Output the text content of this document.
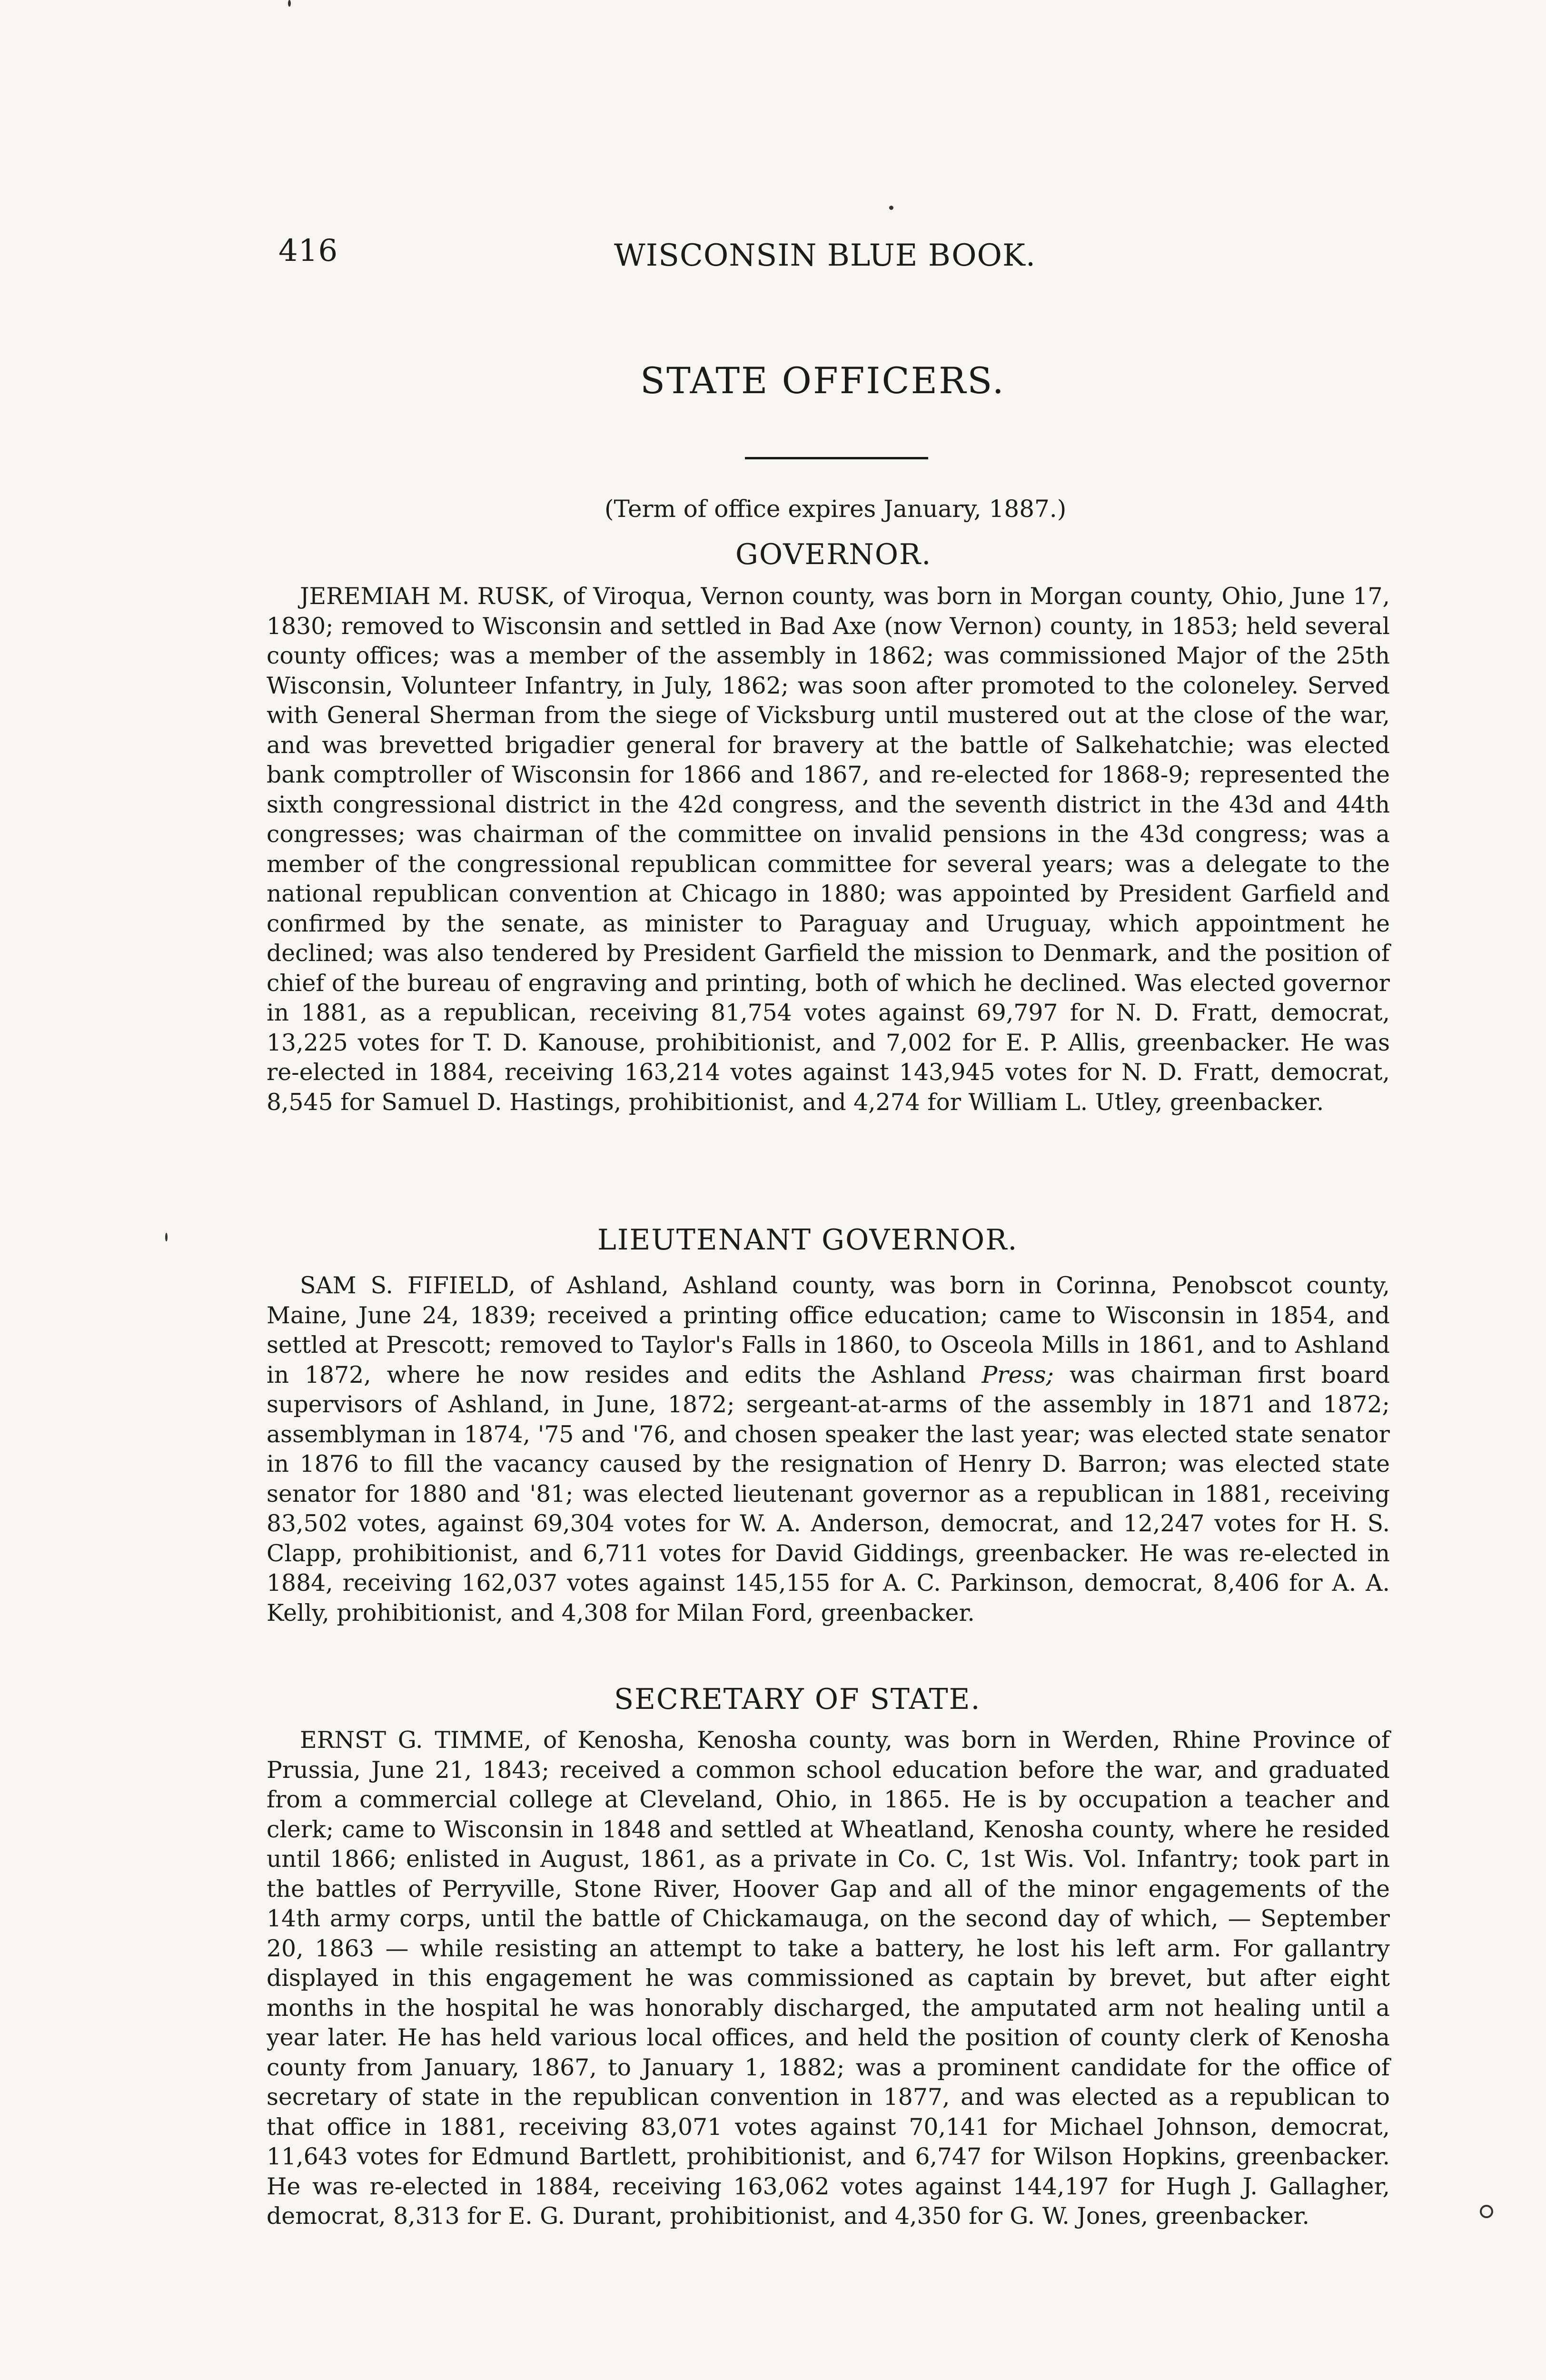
416	WISCONSIN BLUE BOOK.
STATE OFFICERS.
(Term of office expires January, 1887.)
GOVERNOR.

JEREMIAH M. RUSK, of Viroqua, Vernon county, was born in Morgan county, Ohio, June 17, 1830; removed to Wisconsin and settled in Bad Axe (now Vernon) county, in 1853; held several county offices; was a member of the assembly in 1862; was commissioned Major of the 25th Wisconsin, Volunteer Infantry, in July, 1862; was soon after promoted to the coloneley. Served with General Sherman from the siege of Vicksburg until mustered out at the close of the war, and was brevetted brigadier general for bravery at the battle of Salkehatchie; was elected bank comptroller of Wisconsin for 1866 and 1867, and re-elected for 1868-9; represented the sixth congressional district in the 42d congress, and the seventh district in the 43d and 44th congresses; was chairman of the committee on invalid pensions in the 43d congress; was a member of the congressional republican committee for several years; was a delegate to the national republican convention at Chicago in 1880; was appointed by President Garfield and confirmed by the senate, as minister to Paraguay and Uruguay, which appointment he declined; was also tendered by President Garfield the mission to Denmark, and the position of chief of the bureau of engraving and printing, both of which he declined. Was elected governor in 1881, as a republican, receiving 81,754 votes against 69,797 for N. D. Fratt, democrat, 13,225 votes for T. D. Kanouse, prohibitionist, and 7,002 for E. P. Allis, greenbacker. He was re-elected in 1884, receiving 163,214 votes against 143,945 votes for N. D. Fratt, democrat, 8,545 for Samuel D. Hastings, prohibitionist, and 4,274 for William L. Utley, greenbacker.

LIEUTENANT GOVERNOR.

SAM S. FIFIELD, of Ashland, Ashland county, was born in Corinna, Penobscot county, Maine, June 24, 1839; received a printing office education; came to Wisconsin in 1854, and settled at Prescott; removed to Taylor's Falls in 1860, to Osceola Mills in 1861, and to Ashland in 1872, where he now resides and edits the Ashland Press; was chairman first board supervisors of Ashland, in June, 1872; sergeant-at-arms of the assembly in 1871 and 1872; assemblyman in 1874, '75 and '76, and chosen speaker the last year; was elected state senator in 1876 to fill the vacancy caused by the resignation of Henry D. Barron; was elected state senator for 1880 and '81; was elected lieutenant governor as a republican in 1881, receiving 83,502 votes, against 69,304 votes for W. A. Anderson, democrat, and 12,247 votes for H. S. Clapp, prohibitionist, and 6,711 votes for David Giddings, greenbacker. He was re-elected in 1884, receiving 162,037 votes against 145,155 for A. C. Parkinson, democrat, 8,406 for A. A. Kelly, prohibitionist, and 4,308 for Milan Ford, greenbacker.

SECRETARY OF STATE.

ERNST G. TIMME, of Kenosha, Kenosha county, was born in Werden, Rhine Province of Prussia, June 21, 1843; received a common school education before the war, and graduated from a commercial college at Cleveland, Ohio, in 1865. He is by occupation a teacher and clerk; came to Wisconsin in 1848 and settled at Wheatland, Kenosha county, where he resided until 1866; enlisted in August, 1861, as a private in Co. C, 1st Wis. Vol. Infantry; took part in the battles of Perryville, Stone River, Hoover Gap and all of the minor engagements of the 14th army corps, until the battle of Chickamauga, on the second day of which, — September 20, 1863 — while resisting an attempt to take a battery, he lost his left arm. For gallantry displayed in this engagement he was commissioned as captain by brevet, but after eight months in the hospital he was honorably discharged, the amputated arm not healing until a year later. He has held various local offices, and held the position of county clerk of Kenosha county from January, 1867, to January 1, 1882; was a prominent candidate for the office of secretary of state in the republican convention in 1877, and was elected as a republican to that office in 1881, receiving 83,071 votes against 70,141 for Michael Johnson, democrat, 11,643 votes for Edmund Bartlett, prohibitionist, and 6,747 for Wilson Hopkins, greenbacker. He was re-elected in 1884, receiving 163,062 votes against 144,197 for Hugh J. Gallagher, democrat, 8,313 for E. G. Durant, prohibitionist, and 4,350 for G. W. Jones, greenbacker.
